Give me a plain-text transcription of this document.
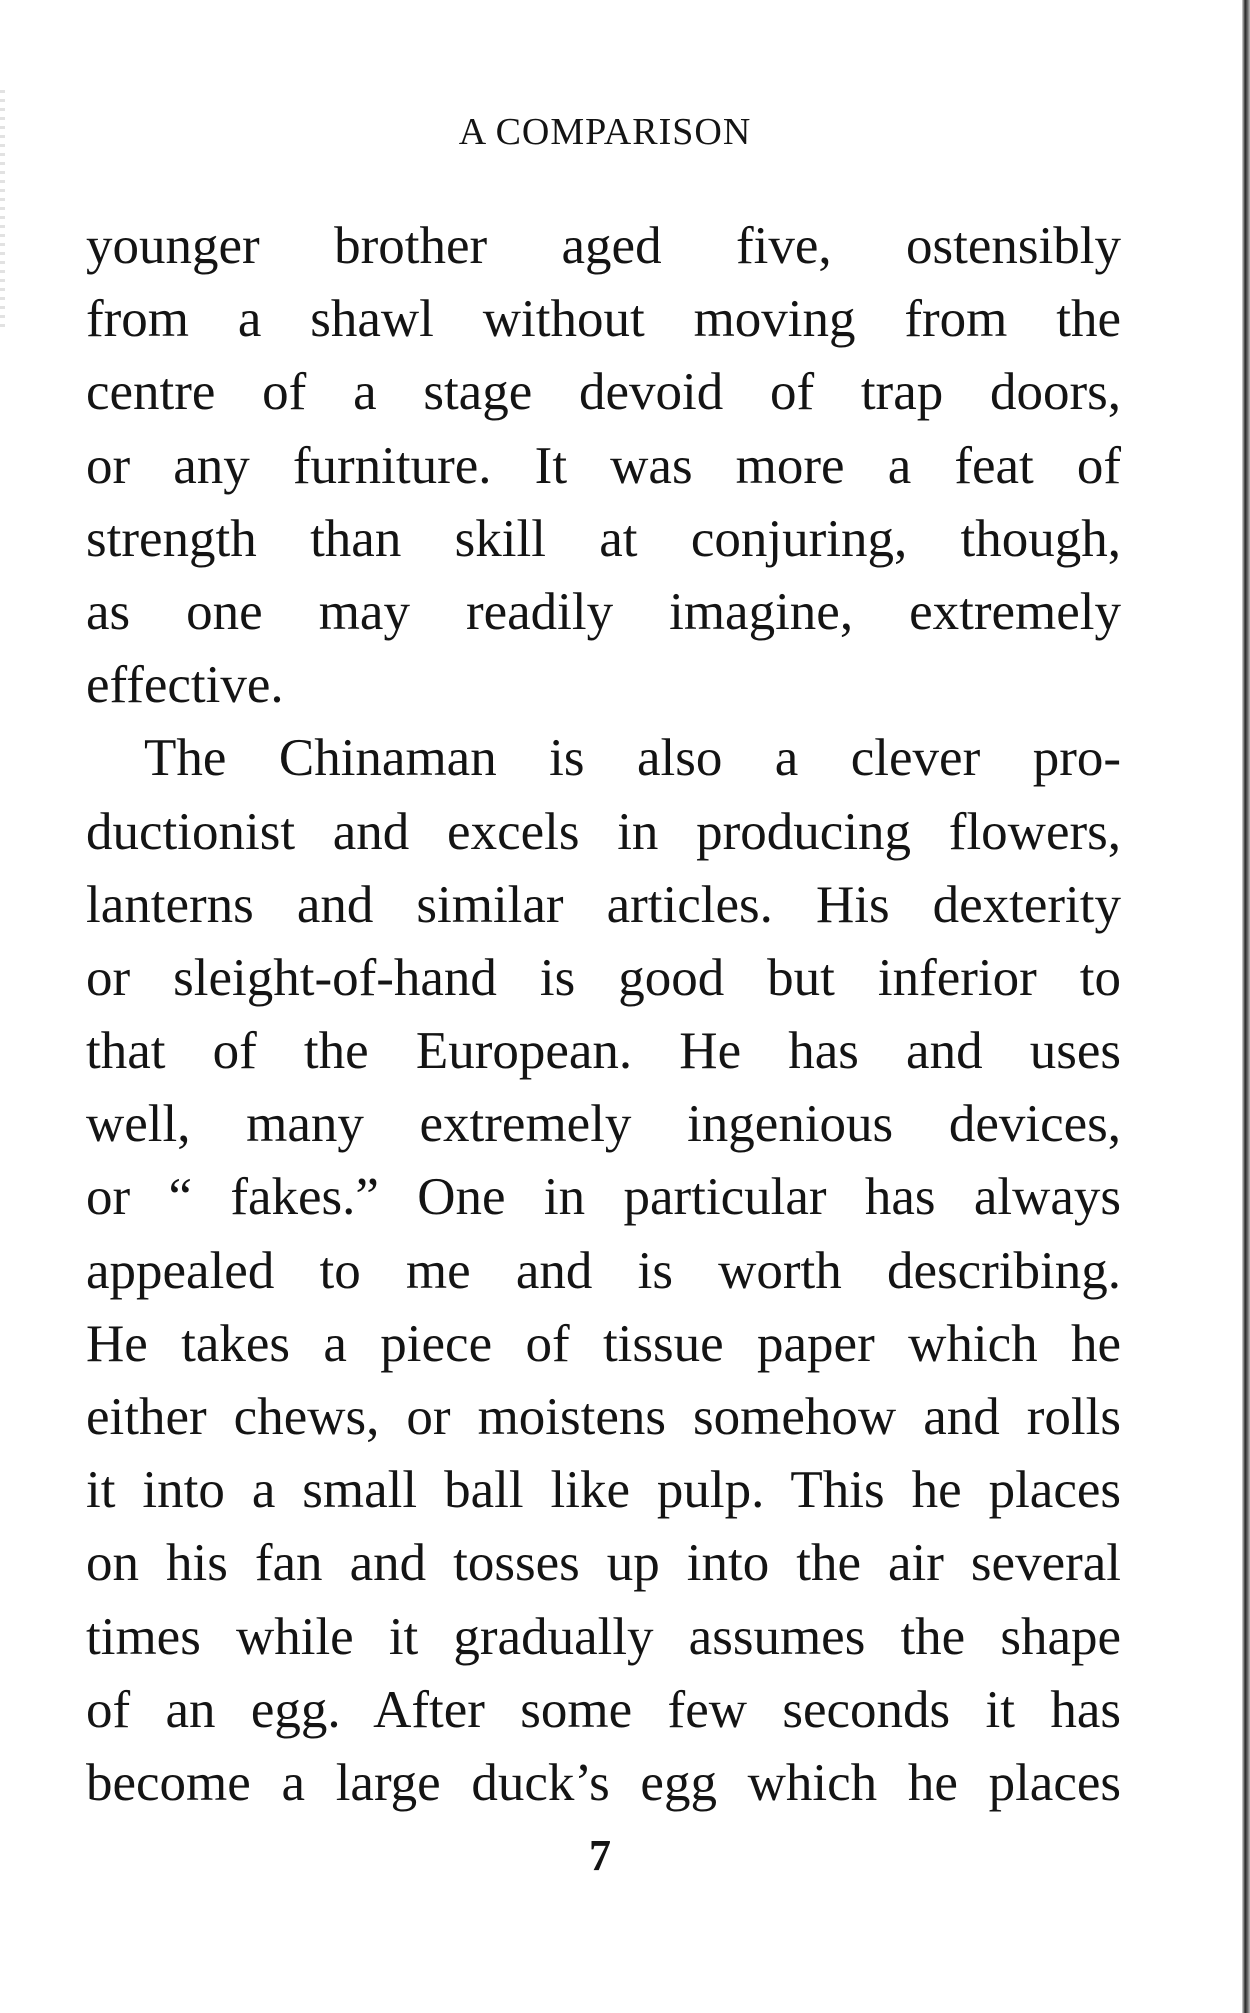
A COMPARISON
younger brother aged five, ostensibly
from a shawl without moving from the
centre of a stage devoid of trap doors,
or any furniture. It was more a feat of
strength than skill at conjuring, though,
as one may readily imagine, extremely
effective.
The Chinaman is also a clever pro-
ductionist and excels in producing flowers,
lanterns and similar articles. His dexterity
or sleight-of-hand is good but inferior to
that of the European. He has and uses
well, many extremely ingenious devices,
or “ fakes.” One in particular has always
appealed to me and is worth describing.
He takes a piece of tissue paper which he
either chews, or moistens somehow and rolls
it into a small ball like pulp. This he places
on his fan and tosses up into the air several
times while it gradually assumes the shape
of an egg. After some few seconds it has
become a large duck’s egg which he places
7
